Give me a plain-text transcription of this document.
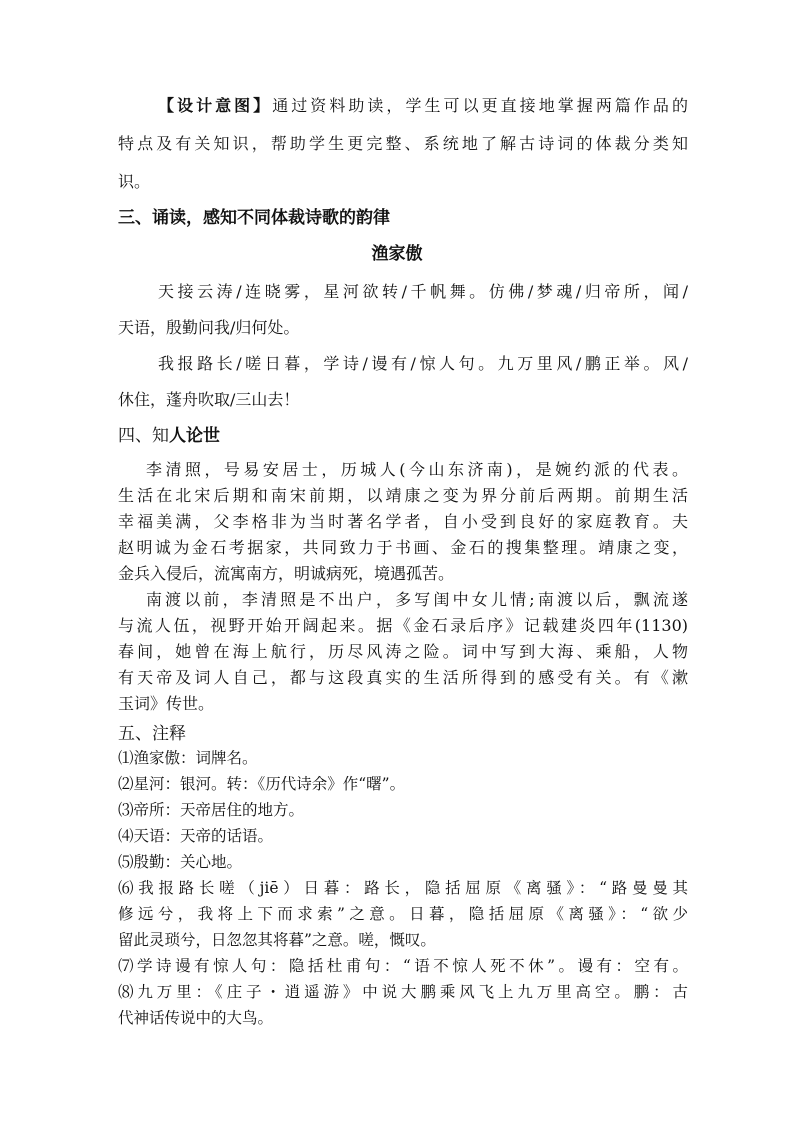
【设计意图】通过资料助读，学生可以更直接地掌握两篇作品的
特点及有关知识，帮助学生更完整、系统地了解古诗词的体裁分类知
识。
三、诵读，感知不同体裁诗歌的韵律
渔家傲
天接云涛/连晓雾，星河欲转/千帆舞。仿佛/梦魂/归帝所，闻/
天语，殷勤问我/归何处。
我报路长/嗟日暮，学诗/谩有/惊人句。九万里风/鹏正举。风/
休住，蓬舟吹取/三山去！
四、知人论世
李清照，号易安居士，历城人(今山东济南)，是婉约派的代表。
生活在北宋后期和南宋前期，以靖康之变为界分前后两期。前期生活
幸福美满，父李格非为当时著名学者，自小受到良好的家庭教育。夫
赵明诚为金石考据家，共同致力于书画、金石的搜集整理。靖康之变，
金兵入侵后，流寓南方，明诚病死，境遇孤苦。
南渡以前，李清照是不出户，多写闺中女儿情;南渡以后，飘流遂
与流人伍，视野开始开阔起来。据《金石录后序》记载建炎四年(1130)
春间，她曾在海上航行，历尽风涛之险。词中写到大海、乘船，人物
有天帝及词人自己，都与这段真实的生活所得到的感受有关。有《漱
玉词》传世。
五、注释
⑴渔家傲：词牌名。
⑵星河：银河。转：《历代诗余》作“曙”。
⑶帝所：天帝居住的地方。
⑷天语：天帝的话语。
⑸殷勤：关心地。
⑹我报路长嗟（jiē）日暮：路长，隐括屈原《离骚》：“路曼曼其
修远兮，我将上下而求索”之意。日暮，隐括屈原《离骚》：“欲少
留此灵琐兮，日忽忽其将暮”之意。嗟，慨叹。
⑺学诗谩有惊人句：隐括杜甫句：“语不惊人死不休”。谩有：空有。
⑻九万里：《庄子・逍遥游》中说大鹏乘风飞上九万里高空。鹏：古
代神话传说中的大鸟。
